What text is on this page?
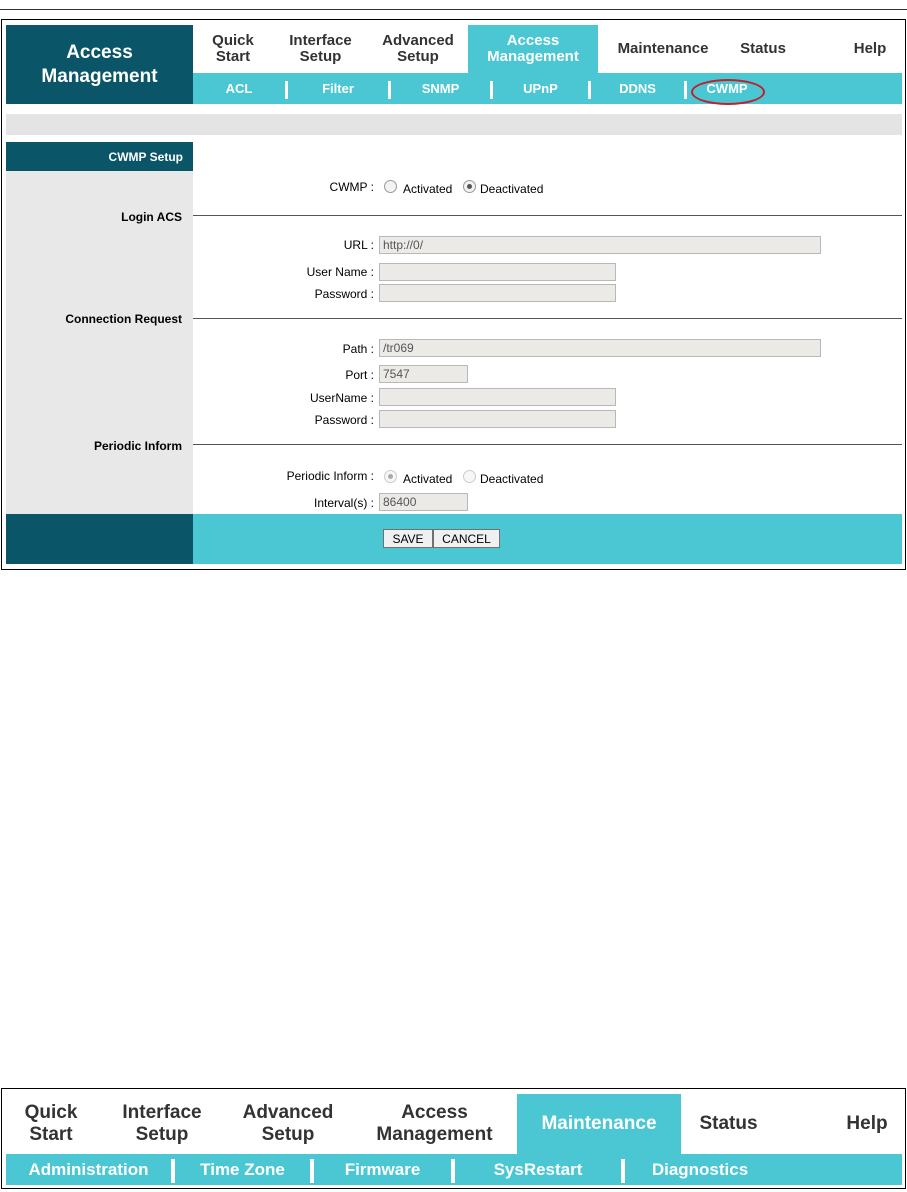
Access
Management
Quick
Start
Interface
Setup
Advanced
Setup
Access
Management	Maintenance	Status	Help
ACL	Filter	SNMP	UPnP	DDNS	CWMP
CWMP Setup
CWMP : Activated Deactivated
Login ACS
URL :
http://0/
User Name :
Password :
Connection Request
Path :
/tr069
Port :
7547
UserName :
Password :
Periodic Inform
Periodic Inform : Activated Deactivated
Interval(s) :
86400
SAVE	CANCEL
Quick
Start
Interface
Setup
Advanced
Setup
Access
Management
Maintenance	Status	Help
Administration	Time Zone	Firmware	SysRestart	Diagnostics
